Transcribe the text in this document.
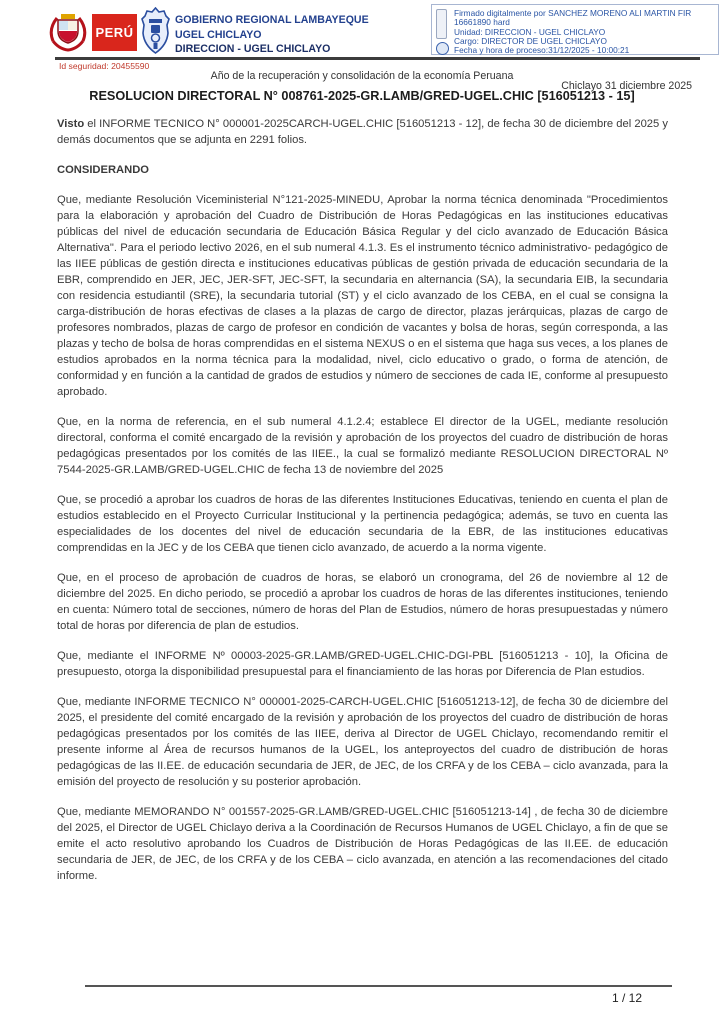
PERÚ
GOBIERNO REGIONAL LAMBAYEQUE
UGEL CHICLAYO
DIRECCION - UGEL CHICLAYO
Firmado digitalmente por SANCHEZ MORENO ALI MARTIN FIR
16661890 hard
Unidad: DIRECCION - UGEL CHICLAYO
Cargo: DIRECTOR DE UGEL CHICLAYO
Fecha y hora de proceso:31/12/2025 - 10:00:21
Id seguridad: 20455590
Año de la recuperación y consolidación de la economía Peruana
Chiclayo 31 diciembre 2025
RESOLUCION DIRECTORAL N° 008761-2025-GR.LAMB/GRED-UGEL.CHIC [516051213 - 15]

Visto el INFORME TECNICO N° 000001-2025CARCH-UGEL.CHIC [516051213 - 12], de fecha 30 de diciembre del 2025 y demás documentos que se adjunta en 2291 folios.

CONSIDERANDO

Que, mediante Resolución Viceministerial N°121-2025-MINEDU, Aprobar la norma técnica denominada "Procedimientos para la elaboración y aprobación del Cuadro de Distribución de Horas Pedagógicas en las instituciones educativas públicas del nivel de educación secundaria de Educación Básica Regular y del ciclo avanzado de Educación Básica Alternativa". Para el periodo lectivo 2026, en el sub numeral 4.1.3. Es el instrumento técnico administrativo- pedagógico de las IIEE públicas de gestión directa e instituciones educativas públicas de gestión privada de educación secundaria de la EBR, comprendido en JER, JEC, JER-SFT, JEC-SFT, la secundaria en alternancia (SA), la secundaria EIB, la secundaria con residencia estudiantil (SRE), la secundaria tutorial (ST) y el ciclo avanzado de los CEBA, en el cual se consigna la carga-distribución de horas efectivas de clases a la plazas de cargo de director, plazas jerárquicas, plazas de cargo de profesores nombrados, plazas de cargo de profesor en condición de vacantes y bolsa de horas, según corresponda, a las plazas y techo de bolsa de horas comprendidas en el sistema NEXUS o en el sistema que haga sus veces, a los planes de estudios aprobados en la norma técnica para la modalidad, nivel, ciclo educativo o grado, o forma de atención, de conformidad y en función a la cantidad de grados de estudios y número de secciones de cada IE, conforme al presupuesto aprobado.

Que, en la norma de referencia, en el sub numeral 4.1.2.4; establece El director de la UGEL, mediante resolución directoral, conforma el comité encargado de la revisión y aprobación de los proyectos del cuadro de distribución de horas pedagógicas presentados por los comités de las IIEE., la cual se formalizó mediante RESOLUCION DIRECTORAL Nº 7544-2025-GR.LAMB/GRED-UGEL.CHIC de fecha 13 de noviembre del 2025

Que, se procedió a aprobar los cuadros de horas de las diferentes Instituciones Educativas, teniendo en cuenta el plan de estudios establecido en el Proyecto Curricular Institucional y la pertinencia pedagógica; además, se tuvo en cuenta las especialidades de los docentes del nivel de educación secundaria de la EBR, de las instituciones educativas comprendidas en la JEC y de los CEBA que tienen ciclo avanzado, de acuerdo a la norma vigente.

Que, en el proceso de aprobación de cuadros de horas, se elaboró un cronograma, del 26 de noviembre al 12 de diciembre del 2025. En dicho periodo, se procedió a aprobar los cuadros de horas de las diferentes instituciones, teniendo en cuenta: Número total de secciones, número de horas del Plan de Estudios, número de horas presupuestadas y número total de horas por diferencia de plan de estudios.

Que, mediante el INFORME Nº 00003-2025-GR.LAMB/GRED-UGEL.CHIC-DGI-PBL [516051213 - 10], la Oficina de presupuesto, otorga la disponibilidad presupuestal para el financiamiento de las horas por Diferencia de Plan estudios.

Que, mediante INFORME TECNICO N° 000001-2025-CARCH-UGEL.CHIC [516051213-12], de fecha 30 de diciembre del 2025, el presidente del comité encargado de la revisión y aprobación de los proyectos del cuadro de distribución de horas pedagógicas presentados por los comités de las IIEE, deriva al Director de UGEL Chiclayo, recomendando remitir el presente informe al Área de recursos humanos de la UGEL, los anteproyectos del cuadro de distribución de horas pedagógicas de las II.EE. de educación secundaria de JER, de JEC, de los CRFA y de los CEBA – ciclo avanzada, para la emisión del proyecto de resolución y su posterior aprobación.

Que, mediante MEMORANDO N° 001557-2025-GR.LAMB/GRED-UGEL.CHIC [516051213-14] , de fecha 30 de diciembre del 2025, el Director de UGEL Chiclayo deriva a la Coordinación de Recursos Humanos de UGEL Chiclayo, a fin de que se emite el acto resolutivo aprobando los Cuadros de Distribución de Horas Pedagógicas de las II.EE. de educación secundaria de JER, de JEC, de los CRFA y de los CEBA – ciclo avanzada, en atención a las recomendaciones del citado informe.

1 / 12
